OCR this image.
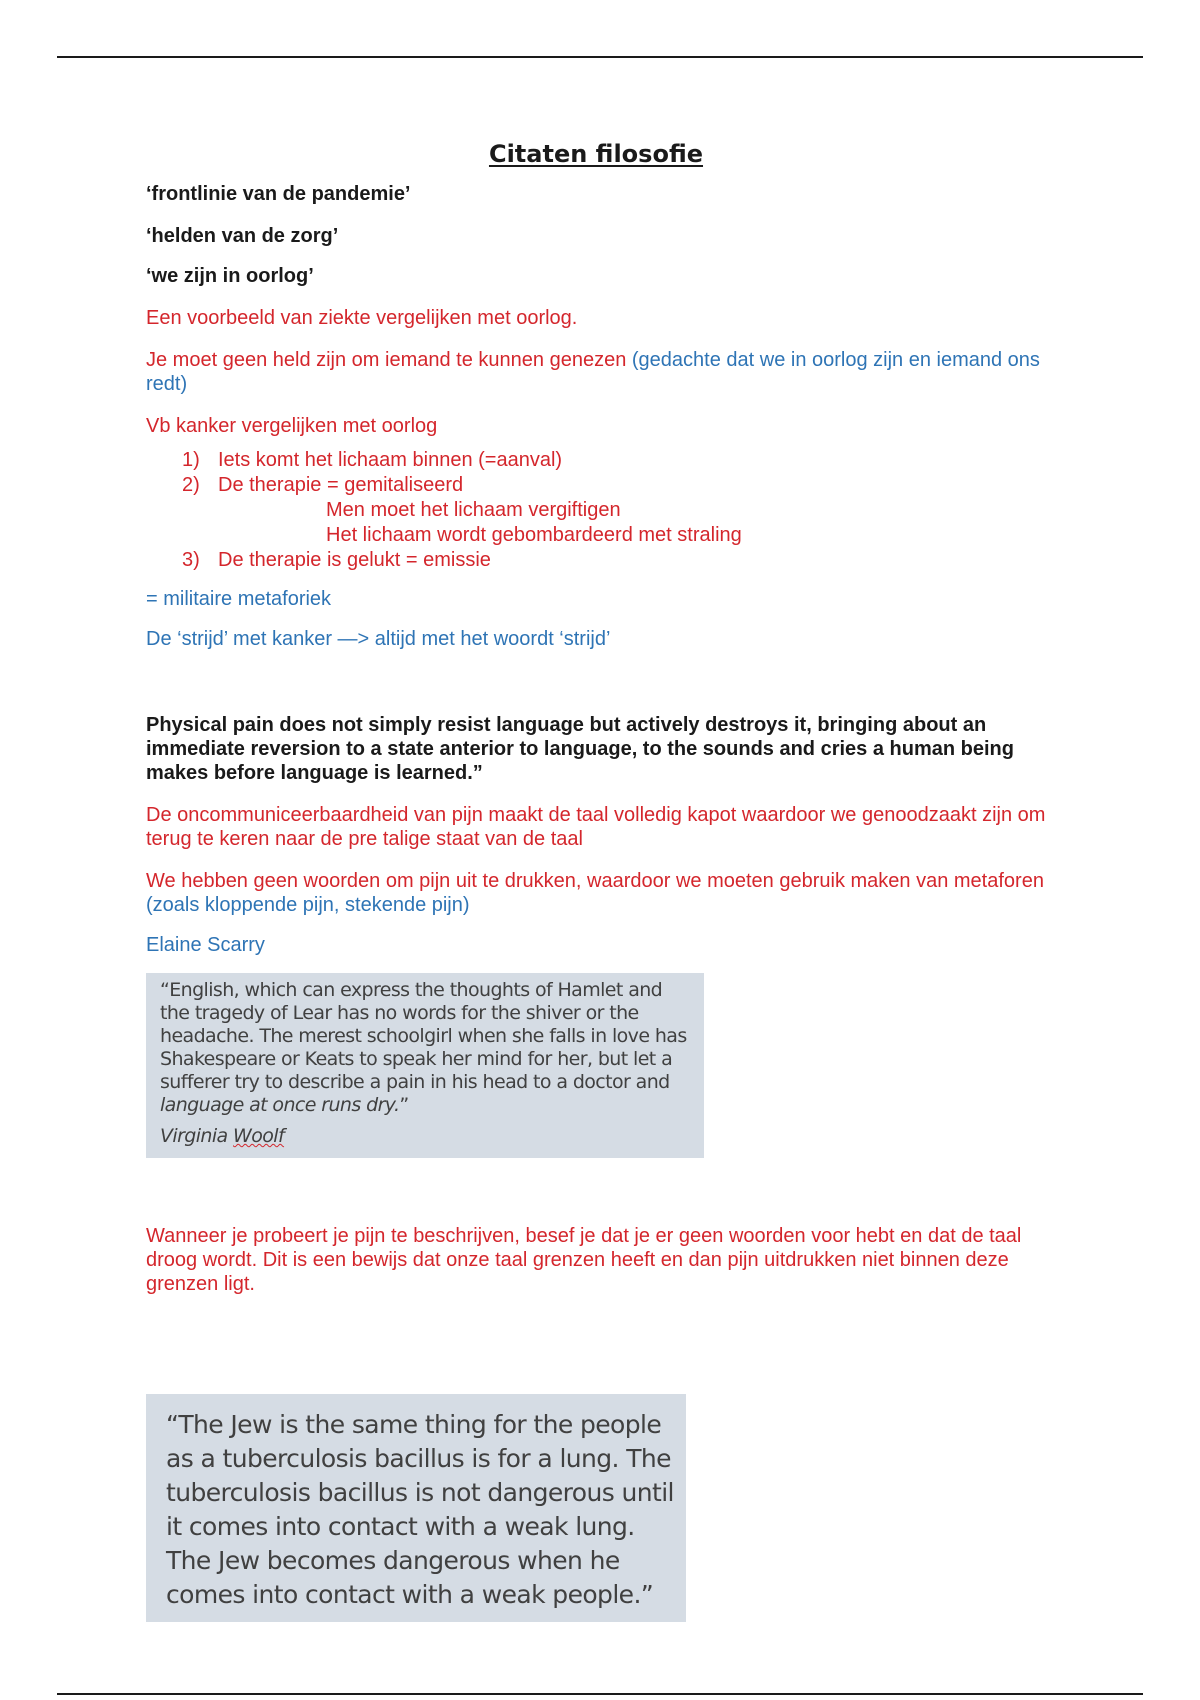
Citaten filosofie

‘frontlinie van de pandemie’

‘helden van de zorg’

‘we zijn in oorlog’

Een voorbeeld van ziekte vergelijken met oorlog.

Je moet geen held zijn om iemand te kunnen genezen (gedachte dat we in oorlog zijn en iemand ons redt)

Vb kanker vergelijken met oorlog

1) Iets komt het lichaam binnen (=aanval)
2) De therapie = gemitaliseerd
Men moet het lichaam vergiftigen
Het lichaam wordt gebombardeerd met straling
3) De therapie is gelukt = emissie

= militaire metaforiek

De ‘strijd’ met kanker —> altijd met het woordt ‘strijd’

Physical pain does not simply resist language but actively destroys it, bringing about an immediate reversion to a state anterior to language, to the sounds and cries a human being makes before language is learned.”

De oncommuniceerbaardheid van pijn maakt de taal volledig kapot waardoor we genoodzaakt zijn om terug te keren naar de pre talige staat van de taal

We hebben geen woorden om pijn uit te drukken, waardoor we moeten gebruik maken van metaforen (zoals kloppende pijn, stekende pijn)

Elaine Scarry

“English, which can express the thoughts of Hamlet and the tragedy of Lear has no words for the shiver or the headache. The merest schoolgirl when she falls in love has Shakespeare or Keats to speak her mind for her, but let a sufferer try to describe a pain in his head to a doctor and language at once runs dry.”
Virginia Woolf

Wanneer je probeert je pijn te beschrijven, besef je dat je er geen woorden voor hebt en dat de taal droog wordt. Dit is een bewijs dat onze taal grenzen heeft en dan pijn uitdrukken niet binnen deze grenzen ligt.

“The Jew is the same thing for the people as a tuberculosis bacillus is for a lung. The tuberculosis bacillus is not dangerous until it comes into contact with a weak lung. The Jew becomes dangerous when he comes into contact with a weak people.”
